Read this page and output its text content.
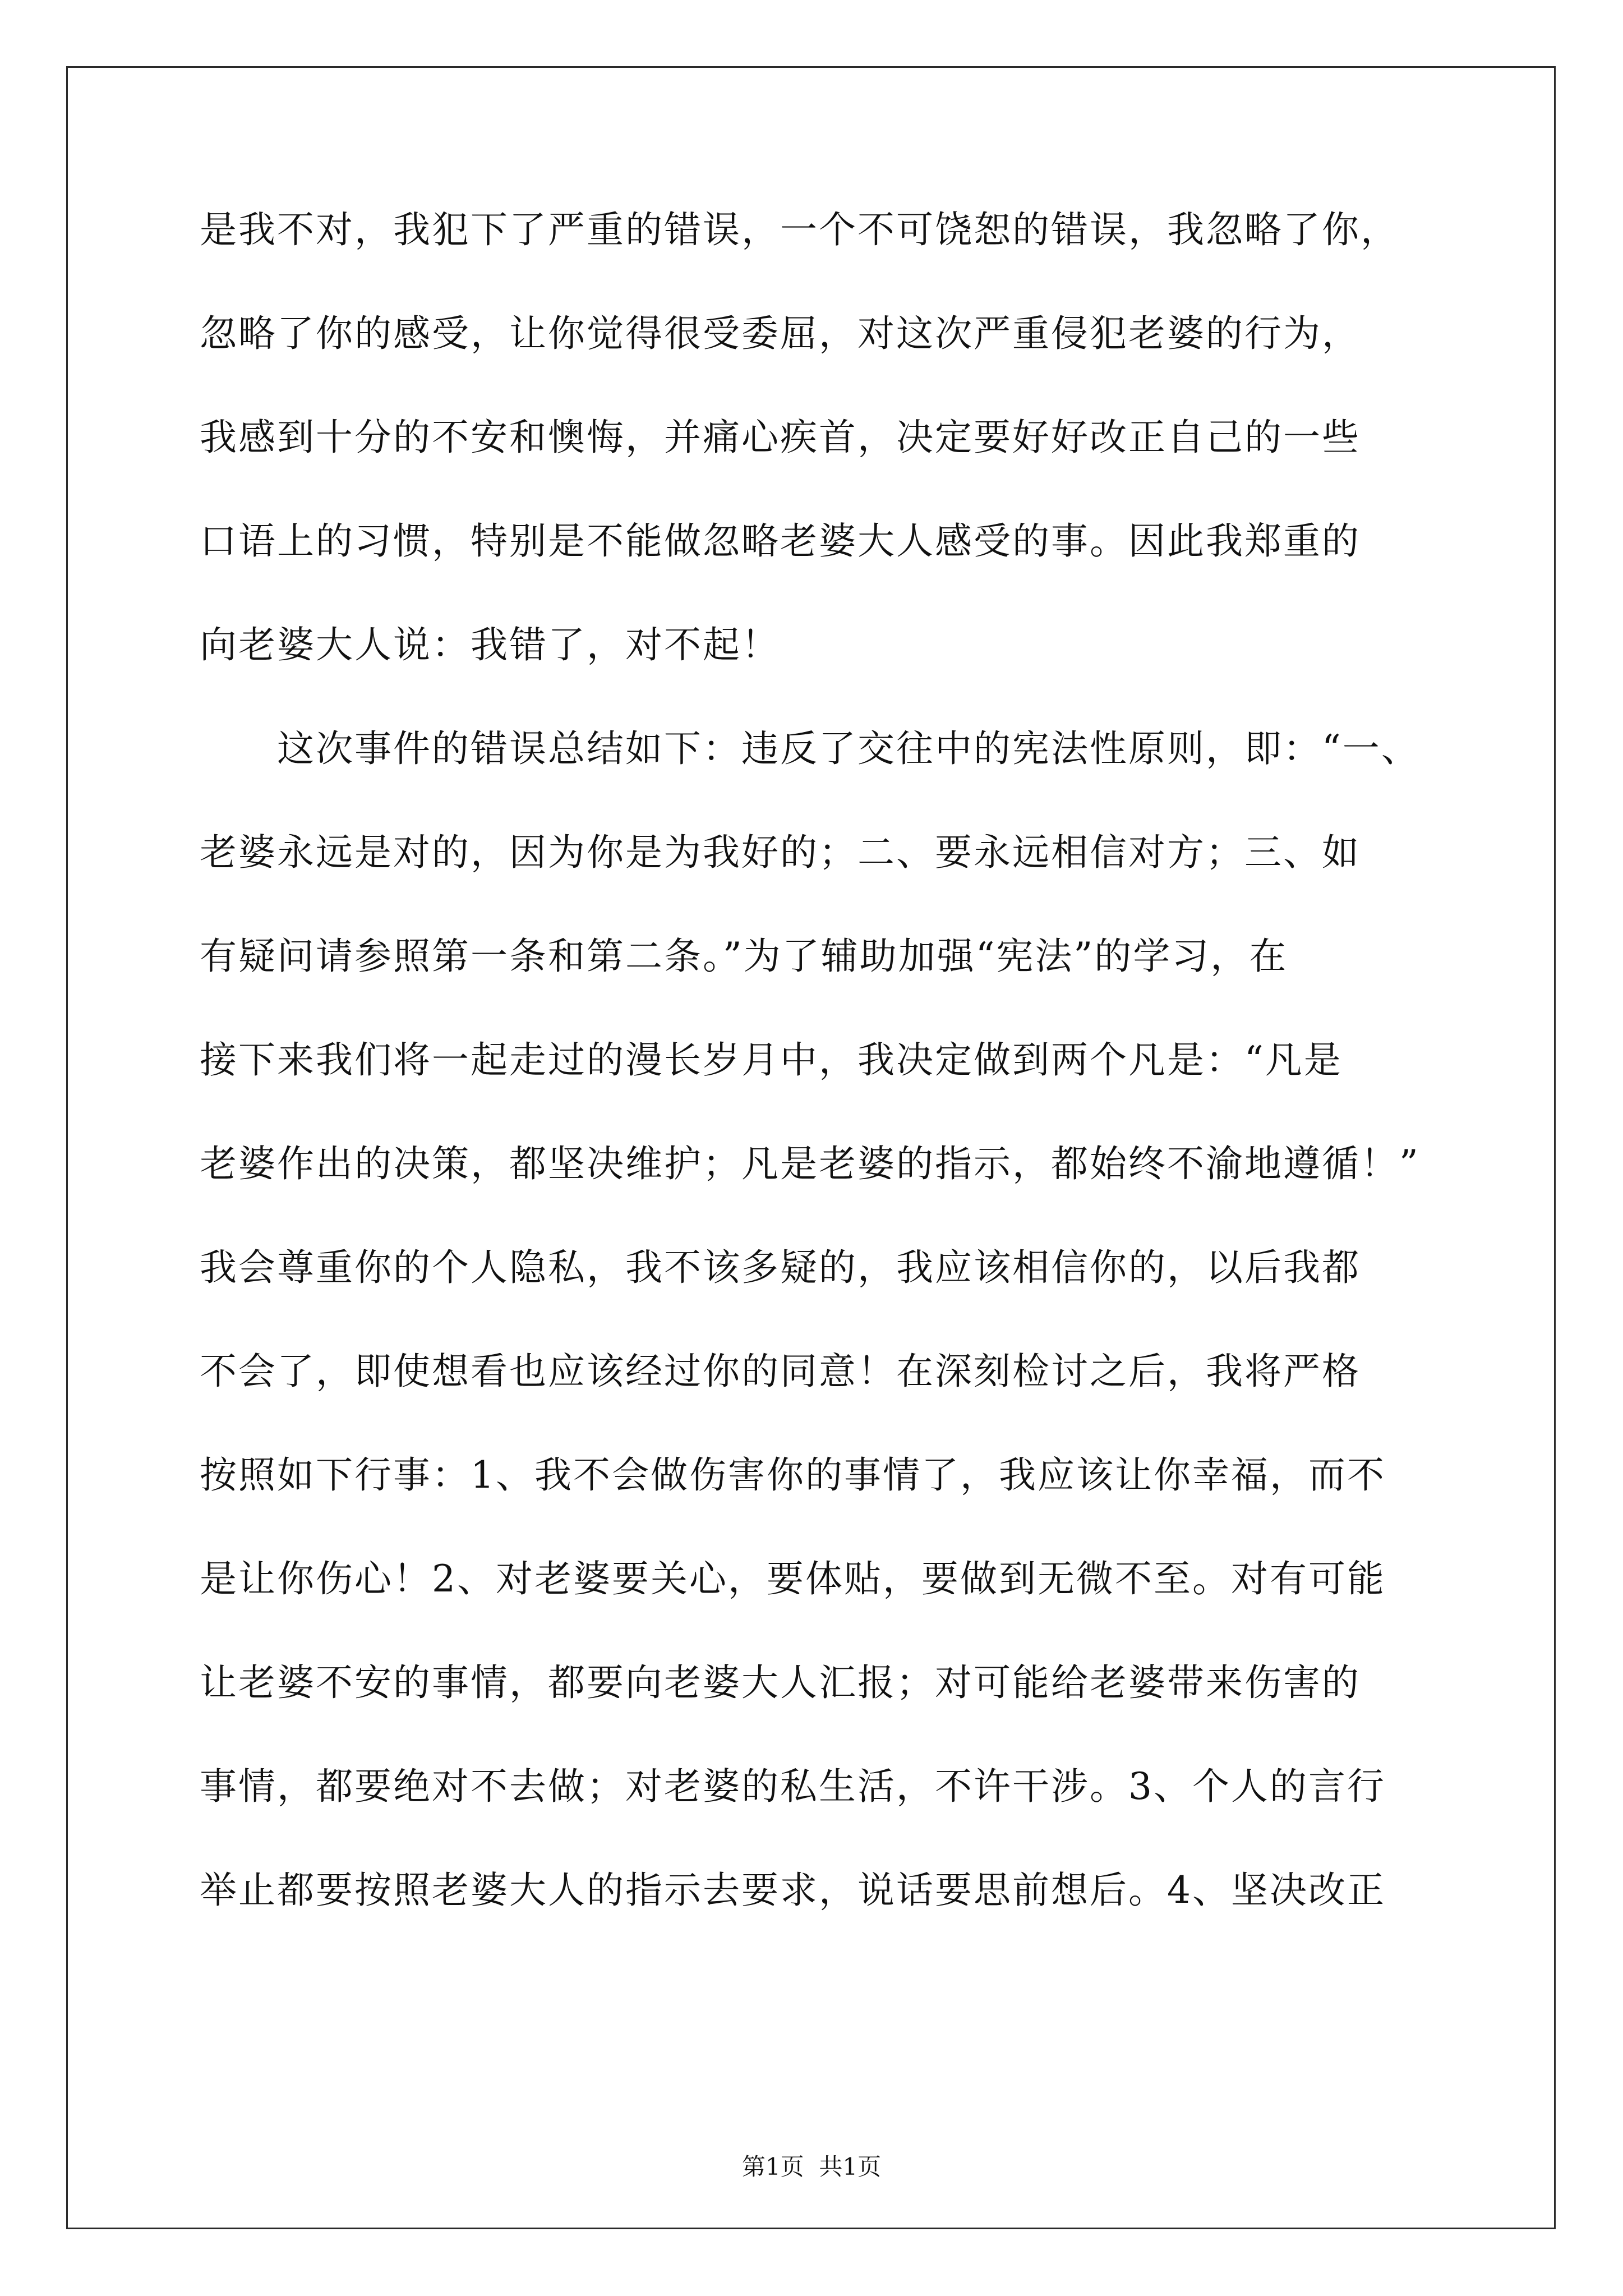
是我不对，我犯下了严重的错误，一个不可饶恕的错误，我忽略了你，
忽略了你的感受，让你觉得很受委屈，对这次严重侵犯老婆的行为，
我感到十分的不安和懊悔，并痛心疾首，决定要好好改正自己的一些
口语上的习惯，特别是不能做忽略老婆大人感受的事。因此我郑重的
向老婆大人说：我错了，对不起！
　　这次事件的错误总结如下：违反了交往中的宪法性原则，即：“一、
老婆永远是对的，因为你是为我好的；二、要永远相信对方；三、如
有疑问请参照第一条和第二条。”为了辅助加强“宪法”的学习，在
接下来我们将一起走过的漫长岁月中，我决定做到两个凡是：“凡是
老婆作出的决策，都坚决维护；凡是老婆的指示，都始终不渝地遵循！”
我会尊重你的个人隐私，我不该多疑的，我应该相信你的，以后我都
不会了，即使想看也应该经过你的同意！在深刻检讨之后，我将严格
按照如下行事：1、我不会做伤害你的事情了，我应该让你幸福，而不
是让你伤心！2、对老婆要关心，要体贴，要做到无微不至。对有可能
让老婆不安的事情，都要向老婆大人汇报；对可能给老婆带来伤害的
事情，都要绝对不去做；对老婆的私生活，不许干涉。3、个人的言行
举止都要按照老婆大人的指示去要求，说话要思前想后。4、坚决改正
第1页  共1页
